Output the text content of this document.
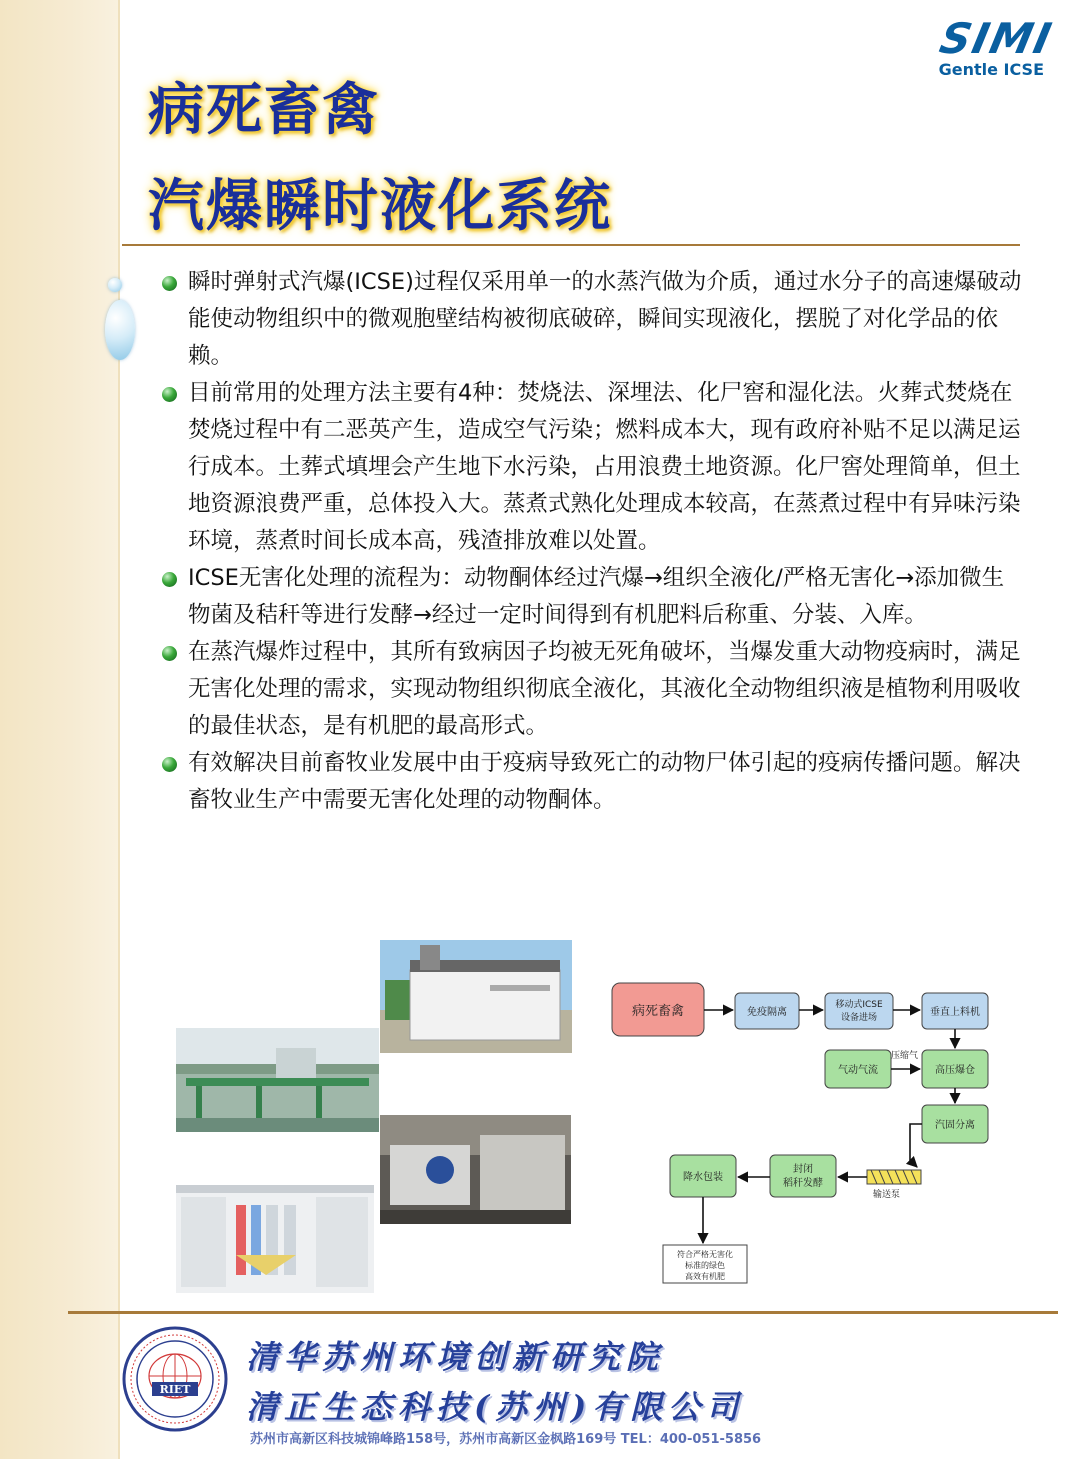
SIMI
Gentle ICSE
病死畜禽
汽爆瞬时液化系统

瞬时弹射式汽爆(ICSE)过程仅采用单一的水蒸汽做为介质，通过水分子的高速爆破动能使动物组织中的微观胞壁结构被彻底破碎，瞬间实现液化，摆脱了对化学品的依赖。

目前常用的处理方法主要有4种：焚烧法、深埋法、化尸窖和湿化法。火葬式焚烧在焚烧过程中有二恶英产生，造成空气污染；燃料成本大，现有政府补贴不足以满足运行成本。土葬式填埋会产生地下水污染，占用浪费土地资源。化尸窖处理简单，但土地资源浪费严重，总体投入大。蒸煮式熟化处理成本较高，在蒸煮过程中有异味污染环境，蒸煮时间长成本高，残渣排放难以处置。

ICSE无害化处理的流程为：动物酮体经过汽爆→组织全液化/严格无害化→添加微生物菌及秸秆等进行发酵→经过一定时间得到有机肥料后称重、分装、入库。

在蒸汽爆炸过程中，其所有致病因子均被无死角破坏，当爆发重大动物疫病时，满足无害化处理的需求，实现动物组织彻底全液化，其液化全动物组织液是植物利用吸收的最佳状态，是有机肥的最高形式。

有效解决目前畜牧业发展中由于疫病导致死亡的动物尸体引起的疫病传播问题。解决畜牧业生产中需要无害化处理的动物酮体。

病死畜禽	免疫隔离
移动式ICSE
设备进场	垂直上料机
气动气流	高压爆仓
汽固分离
封闭
稻秆发酵
降水包装
符合严格无害化
标准的绿色
高效有机肥
压缩气
输送泵
RIET
清华苏州环境创新研究院
清正生态科技(苏州)有限公司
苏州市高新区科技城锦峰路158号，苏州市高新区金枫路169号 TEL：400-051-5856
